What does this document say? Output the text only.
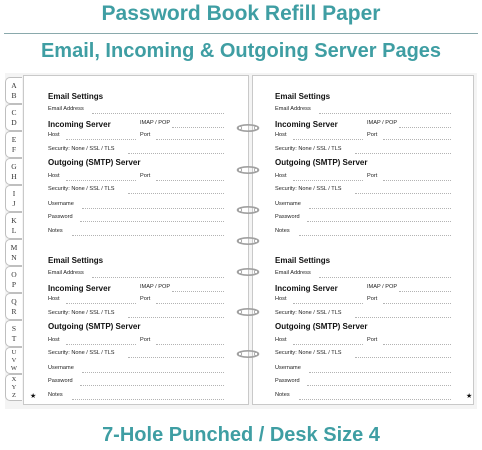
Password Book Refill Paper
Email, Incoming & Outgoing Server Pages
A
B
C
D
E
F
G
H
I
J
K
L
M
N
O
P
Q
R
S
T
U
V
W
X
Y
Z
Email Settings
Email Address
Incoming Server	IMAP / POP
Host	Port
Security: None / SSL / TLS
Outgoing (SMTP) Server
Host	Port
Security: None / SSL / TLS
Username
Password
Notes
Email Settings
Email Address
Incoming Server	IMAP / POP
Host	Port
Security: None / SSL / TLS
Outgoing (SMTP) Server
Host	Port
Security: None / SSL / TLS
Username
Password
Notes
★
Email Settings
Email Address
Incoming Server	IMAP / POP
Host	Port
Security: None / SSL / TLS
Outgoing (SMTP) Server
Host	Port
Security: None / SSL / TLS
Username
Password
Notes
Email Settings
Email Address
Incoming Server	IMAP / POP
Host	Port
Security: None / SSL / TLS
Outgoing (SMTP) Server
Host	Port
Security: None / SSL / TLS
Username
Password
Notes	★
7-Hole Punched / Desk Size 4
